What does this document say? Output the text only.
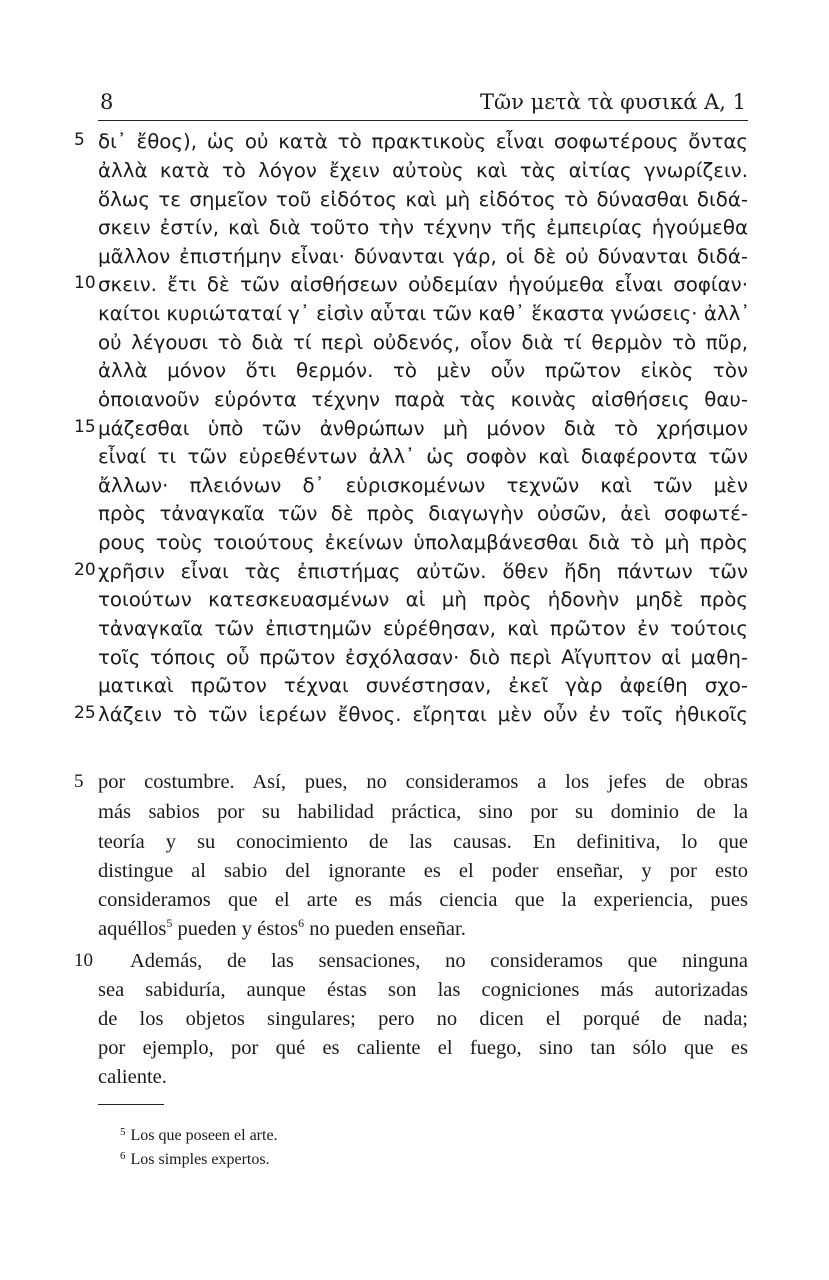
8	Τῶν μετὰ τὰ φυσικά Α, 1
5 δι᾽ ἔθος), ὡς οὐ κατὰ τὸ πρακτικοὺς εἶναι σοφωτέρους ὄντας
ἀλλὰ κατὰ τὸ λόγον ἔχειν αὐτοὺς καὶ τὰς αἰτίας γνωρίζειν.
ὅλως τε σημεῖον τοῦ εἰδότος καὶ μὴ εἰδότος τὸ δύνασθαι διδά-
σκειν ἐστίν, καὶ διὰ τοῦτο τὴν τέχνην τῆς ἐμπειρίας ἡγούμεθα
μᾶλλον ἐπιστήμην εἶναι· δύνανται γάρ, οἱ δὲ οὐ δύνανται διδά-
10 σκειν. ἔτι δὲ τῶν αἰσθήσεων οὐδεμίαν ἡγούμεθα εἶναι σοφίαν·
καίτοι κυριώταταί γ᾽ εἰσὶν αὗται τῶν καθ᾽ ἕκαστα γνώσεις· ἀλλ᾽
οὐ λέγουσι τὸ διὰ τί περὶ οὐδενός, οἷον διὰ τί θερμὸν τὸ πῦρ,
ἀλλὰ μόνον ὅτι θερμόν. τὸ μὲν οὖν πρῶτον εἰκὸς τὸν
ὁποιανοῦν εὑρόντα τέχνην παρὰ τὰς κοινὰς αἰσθήσεις θαυ-
15 μάζεσθαι ὑπὸ τῶν ἀνθρώπων μὴ μόνον διὰ τὸ χρήσιμον
εἶναί τι τῶν εὑρεθέντων ἀλλ᾽ ὡς σοφὸν καὶ διαφέροντα τῶν
ἄλλων· πλειόνων δ᾽ εὑρισκομένων τεχνῶν καὶ τῶν μὲν
πρὸς τἀναγκαῖα τῶν δὲ πρὸς διαγωγὴν οὐσῶν, ἀεὶ σοφωτέ-
ρους τοὺς τοιούτους ἐκείνων ὑπολαμβάνεσθαι διὰ τὸ μὴ πρὸς
20 χρῆσιν εἶναι τὰς ἐπιστήμας αὐτῶν. ὅθεν ἤδη πάντων τῶν
τοιούτων κατεσκευασμένων αἱ μὴ πρὸς ἡδονὴν μηδὲ πρὸς
τἀναγκαῖα τῶν ἐπιστημῶν εὑρέθησαν, καὶ πρῶτον ἐν τούτοις
τοῖς τόποις οὗ πρῶτον ἐσχόλασαν· διὸ περὶ Αἴγυπτον αἱ μαθη-
ματικαὶ πρῶτον τέχναι συνέστησαν, ἐκεῖ γὰρ ἀφείθη σχο-
25 λάζειν τὸ τῶν ἱερέων ἔθνος. εἴρηται μὲν οὖν ἐν τοῖς ἠθικοῖς
5 por costumbre. Así, pues, no consideramos a los jefes de obras
más sabios por su habilidad práctica, sino por su dominio de la
teoría y su conocimiento de las causas. En definitiva, lo que
distingue al sabio del ignorante es el poder enseñar, y por esto
consideramos que el arte es más ciencia que la experiencia, pues
aquéllos$^5$ pueden y éstos$^6$ no pueden enseñar.
10 Además, de las sensaciones, no consideramos que ninguna
sea sabiduría, aunque éstas son las cogniciones más autorizadas
de los objetos singulares; pero no dicen el porqué de nada;
por ejemplo, por qué es caliente el fuego, sino tan sólo que es
caliente.
$^5$ Los que poseen el arte.
$^6$ Los simples expertos.
